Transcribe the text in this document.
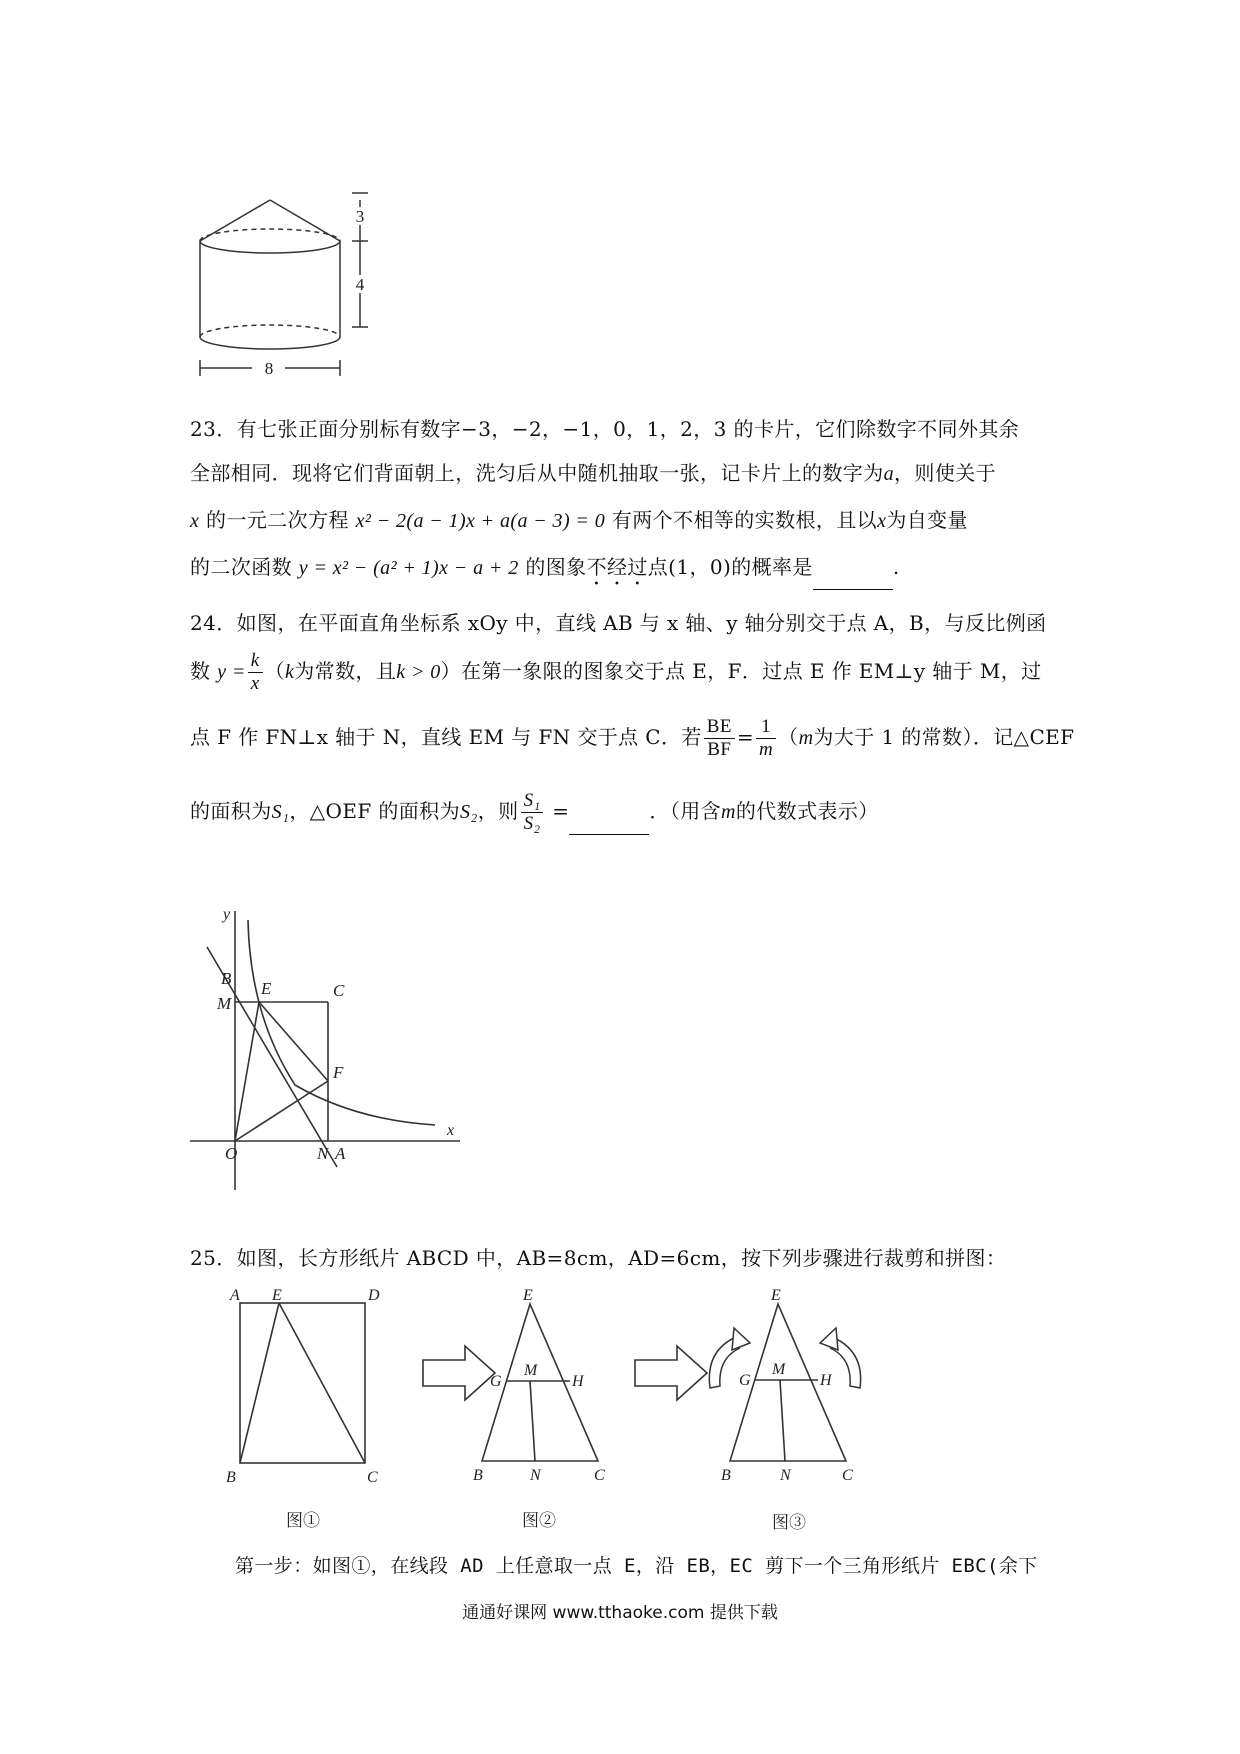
3
4
8
23．有七张正面分别标有数字−3，−2，−1，0，1，2，3 的卡片，它们除数字不同外其余
全部相同．现将它们背面朝上，洗匀后从中随机抽取一张，记卡片上的数字为a，则使关于
x 的一元二次方程 x² − 2(a − 1)x + a(a − 3) = 0 有两个不相等的实数根，且以x为自变量
的二次函数 y = x² − (a² + 1)x − a + 2 的图象不经过点(1，0)的概率是	.
24．如图，在平面直角坐标系 xOy 中，直线 AB 与 x 轴、y 轴分别交于点 A，B，与反比例函
数 $y = \frac{k}{x} (k$为常数，且k > 0）在第一象限的图象交于点 E，F．过点 E 作 EM⊥y 轴于 M，过
点 F 作 FN⊥x 轴于 N，直线 EM 与 FN 交于点 C．若 $\frac{BE}{BF} = \frac{1}{m} (m$为大于 1 的常数）．记△CEF
的面积为S₁，△OEF 的面积为S₂，则 $\frac{\text{S₁}}{\text{S₂}}$ =	．（用含m的代数式表示）
y
x
B
E	C
M
F
O	N A
25．如图，长方形纸片 ABCD 中，AB=8cm，AD=6cm，按下列步骤进行裁剪和拼图：
A E	D
B	C
图①
E
G
M
H
B	N	C
图②
E
G
M
H
B	N	C
图③
第一步：如图①，在线段 AD 上任意取一点 E，沿 EB，EC 剪下一个三角形纸片 EBC(余下
通通好课网 www.tthaoke.com 提供下载
